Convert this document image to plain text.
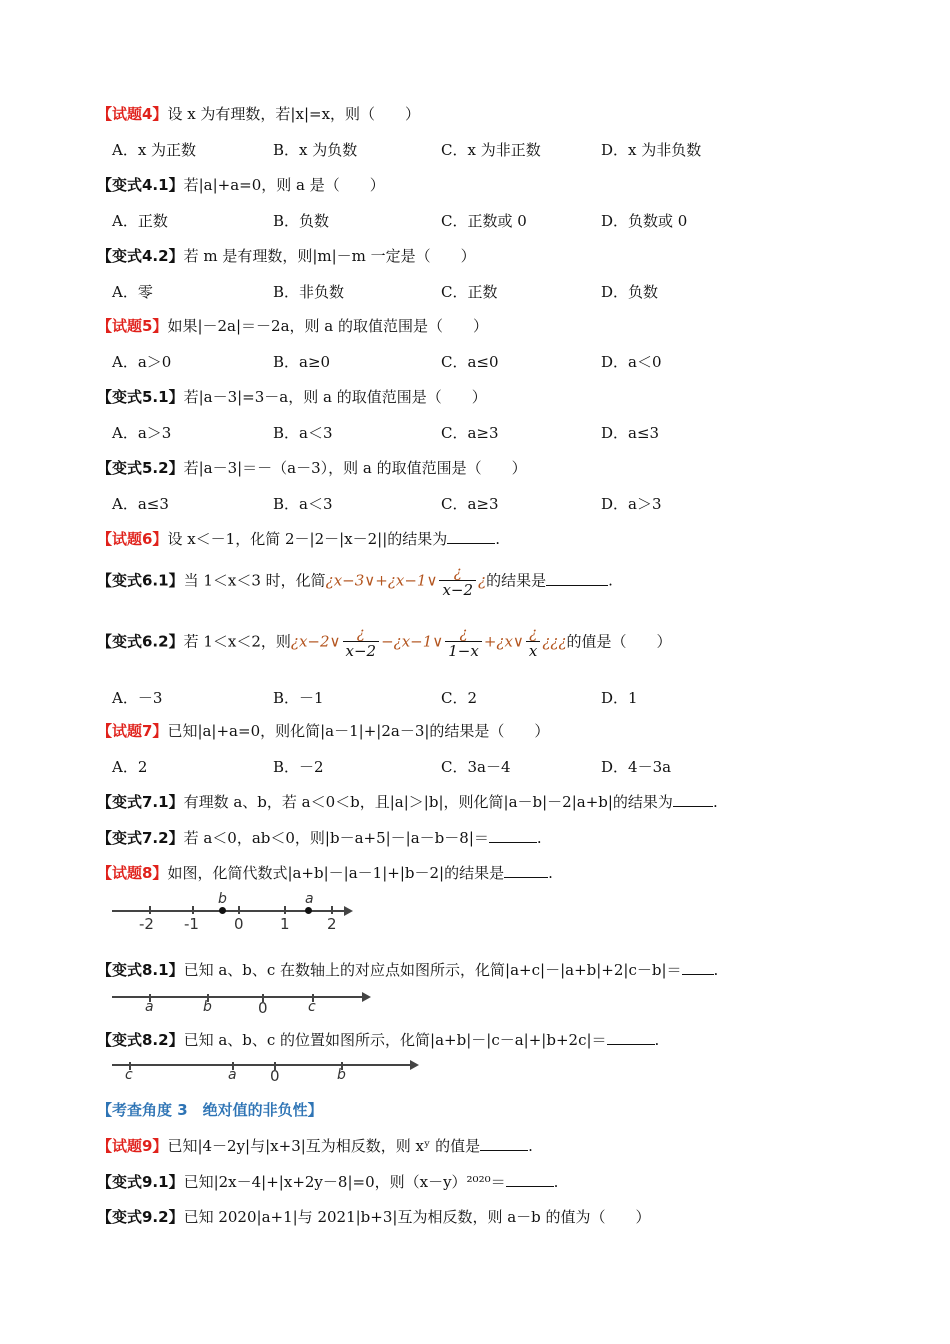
【试题4】设 x 为有理数，若|x|=x，则（　　）
A．x 为正数	B．x 为负数	C．x 为非正数	D．x 为非负数
【变式4.1】若|a|+a=0，则 a 是（　　）
A．正数	B．负数	C．正数或 0	D．负数或 0
【变式4.2】若 m 是有理数，则|m|－m 一定是（　　）
A．零	B．非负数	C．正数	D．负数
【试题5】如果|－2a|＝－2a，则 a 的取值范围是（　　）
A．a＞0	B．a≥0	C．a≤0	D．a＜0
【变式5.1】若|a－3|=3－a，则 a 的取值范围是（　　）
A．a＞3	B．a＜3	C．a≥3	D．a≤3
【变式5.2】若|a－3|＝－（a－3），则 a 的取值范围是（　　）
A．a≤3	B．a＜3	C．a≥3	D．a＞3
【试题6】设 x＜－1，化简 2－|2－|x－2||的结果为	.
【变式6.1】当 1＜x＜3 时，化简¿x−3∨+¿x−1∨ $\frac{¿}{x-2}$ ¿的结果是	.
【变式6.2】若 1＜x＜2，则¿x−2∨ $\frac{¿}{x-2}$ −¿x−1∨ $\frac{¿}{1-x}$ +¿x∨ $\frac{¿}{x}$ ¿¿¿的值是（　　）
A．－3	B．－1	C．2	D．1
【试题7】已知|a|+a=0，则化简|a－1|+|2a－3|的结果是（　　）
A．2	B．－2	C．3a－4	D．4－3a
【变式7.1】有理数 a、b，若 a＜0＜b，且|a|＞|b|，则化简|a－b|－2|a+b|的结果为	.
【变式7.2】若 a＜0，ab＜0，则|b－a+5|－|a－b－8|＝	.
【试题8】如图，化简代数式|a+b|－|a－1|+|b－2|的结果是	.
-2 -1 0 1 2
b	a
【变式8.1】已知 a、b、c 在数轴上的对应点如图所示，化简|a+c|－|a+b|+2|c－b|＝ .
a	b	0	c
【变式8.2】已知 a、b、c 的位置如图所示，化简|a+b|－|c－a|+|b+2c|＝	.
c	a 0	b
【考查角度 3　绝对值的非负性】
【试题9】已知|4－2y|与|x+3|互为相反数，则 xʸ 的值是	.
【变式9.1】已知|2x－4|+|x+2y－8|=0，则（x－y）²⁰²⁰＝	.
【变式9.2】已知 2020|a+1|与 2021|b+3|互为相反数，则 a－b 的值为（　　）
